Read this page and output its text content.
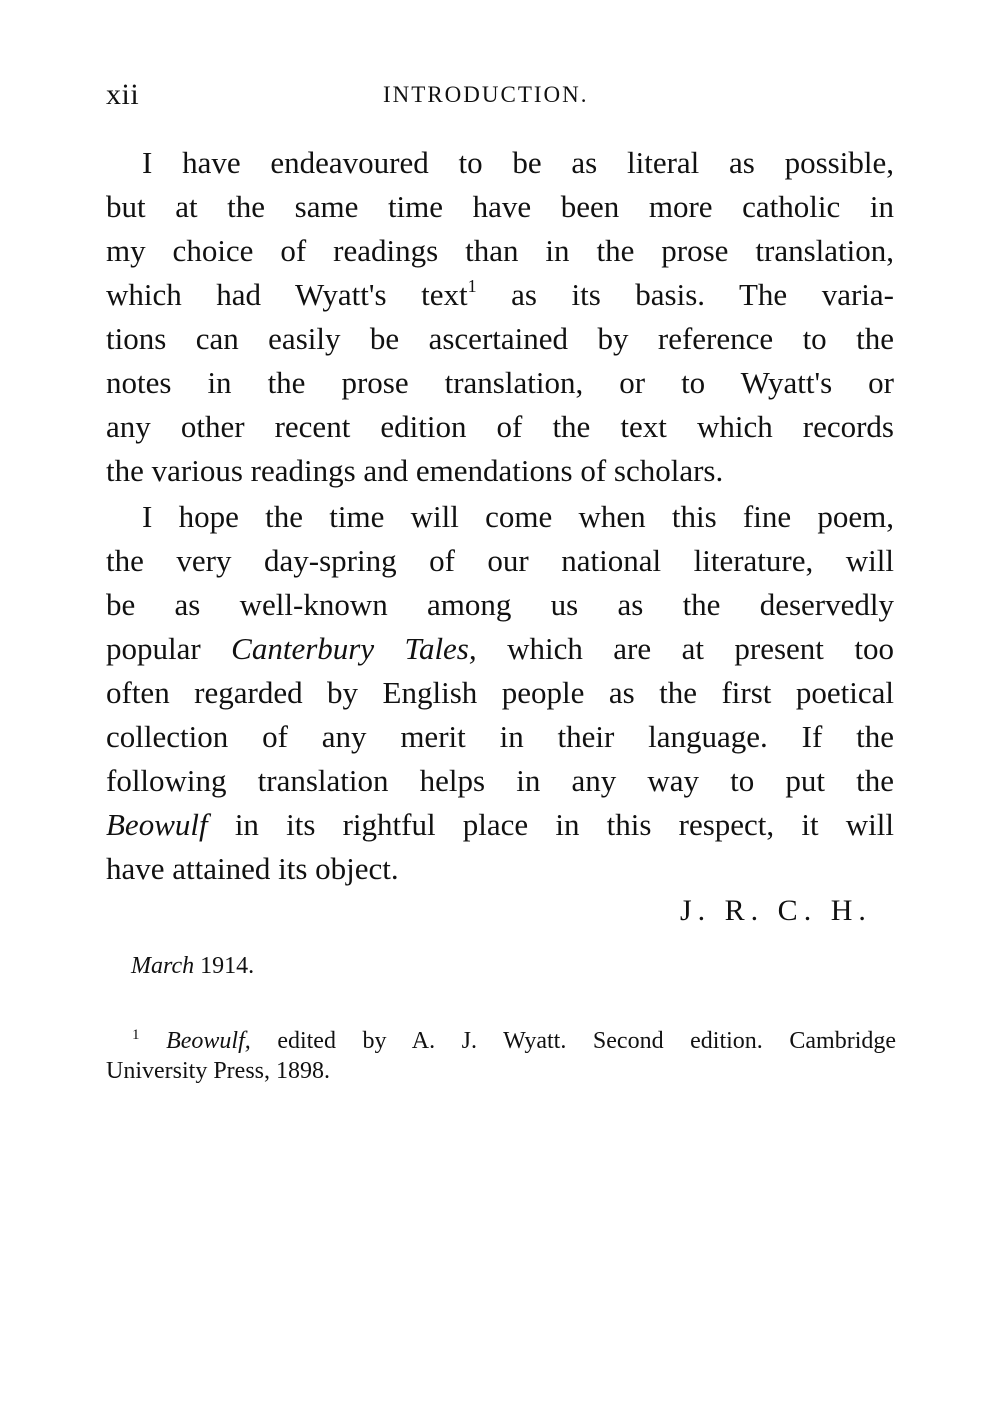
xii	INTRODUCTION.
I have endeavoured to be as literal as possible,
but at the same time have been more catholic in
my choice of readings than in the prose translation,
which had Wyatt's text$^1$ as its basis. The varia-
tions can easily be ascertained by reference to the
notes in the prose translation, or to Wyatt's or
any other recent edition of the text which records
the various readings and emendations of scholars.
I hope the time will come when this fine poem,
the very day-spring of our national literature, will
be as well-known among us as the deservedly
popular Canterbury Tales, which are at present too
often regarded by English people as the first poetical
collection of any merit in their language. If the
following translation helps in any way to put the
Beowulf in its rightful place in this respect, it will
have attained its object.
J. R. C. H.
March 1914.
$^1$ Beowulf, edited by A. J. Wyatt. Second edition. Cambridge
University Press, 1898.
